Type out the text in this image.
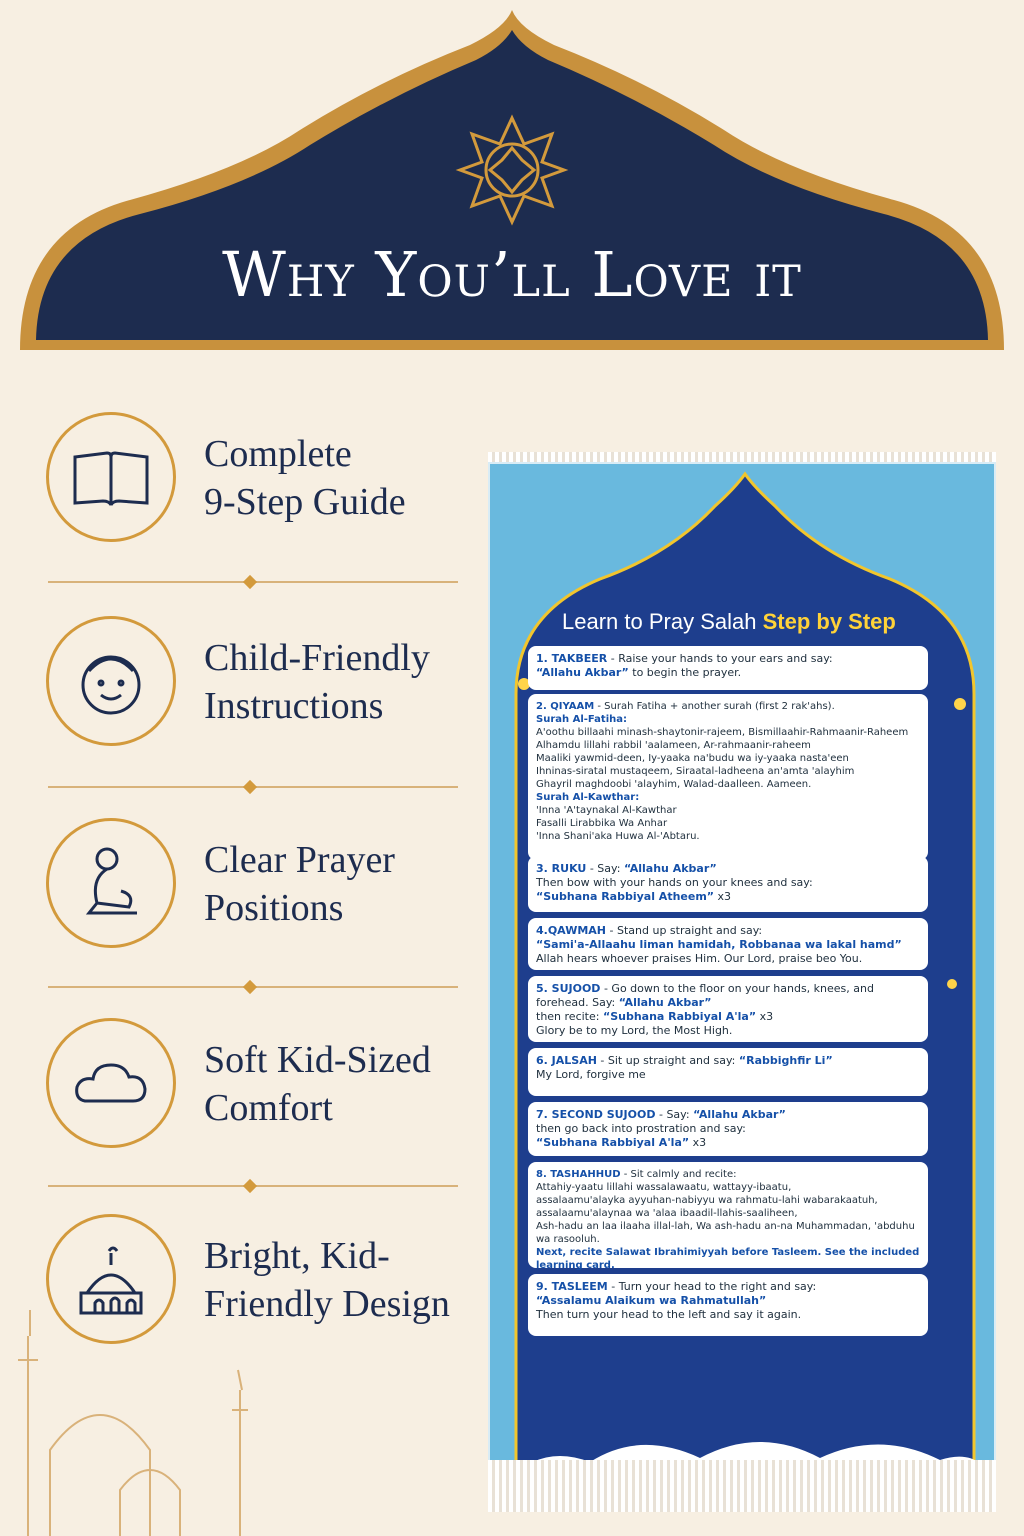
Why You’ll Love it
Complete
9-Step Guide
Child-Friendly
Instructions
Clear Prayer
Positions
Soft Kid-Sized
Comfort
Bright, Kid-
Friendly Design
Learn to Pray Salah Step by Step
1. TAKBEER - Raise your hands to your ears and say:
“Allahu Akbar” to begin the prayer.
2. QIYAAM - Surah Fatiha + another surah (first 2 rak'ahs).
Surah Al-Fatiha:
A'oothu billaahi minash-shaytonir-rajeem, Bismillaahir-Rahmaanir-Raheem
Alhamdu lillahi rabbil 'aalameen, Ar-rahmaanir-raheem
Maaliki yawmid-deen, Iy-yaaka na'budu wa iy-yaaka nasta'een
Ihninas-siratal mustaqeem, Siraatal-ladheena an'amta 'alayhim
Ghayril maghdoobi 'alayhim, Walad-daalleen. Aameen.
Surah Al-Kawthar:
'Inna 'A'taynakal Al-Kawthar
Fasalli Lirabbika Wa Anhar
'Inna Shani'aka Huwa Al-'Abtaru.
3. RUKU - Say: “Allahu Akbar”
Then bow with your hands on your knees and say:
“Subhana Rabbiyal Atheem” x3
4.QAWMAH - Stand up straight and say:
“Sami'a-Allaahu liman hamidah, Robbanaa wa lakal hamd”
Allah hears whoever praises Him. Our Lord, praise beo You.
5. SUJOOD - Go down to the floor on your hands, knees, and forehead. Say: “Allahu Akbar”
then recite: “Subhana Rabbiyal A'la” x3
Glory be to my Lord, the Most High.
6. JALSAH - Sit up straight and say: “Rabbighfir Li”
My Lord, forgive me
7. SECOND SUJOOD - Say: “Allahu Akbar”
then go back into prostration and say:
“Subhana Rabbiyal A'la” x3
8. TASHAHHUD - Sit calmly and recite:
Attahiy-yaatu lillahi wassalawaatu, wattayy-ibaatu,
assalaamu'alayka ayyuhan-nabiyyu wa rahmatu-lahi wabarakaatuh,
assalaamu'alaynaa wa 'alaa ibaadil-llahis-saaliheen,
Ash-hadu an laa ilaaha illal-lah, Wa ash-hadu an-na Muhammadan, 'abduhu wa rasooluh.
Next, recite Salawat Ibrahimiyyah before Tasleem. See the included learning card.
9. TASLEEM - Turn your head to the right and say:
“Assalamu Alaikum wa Rahmatullah”
Then turn your head to the left and say it again.
